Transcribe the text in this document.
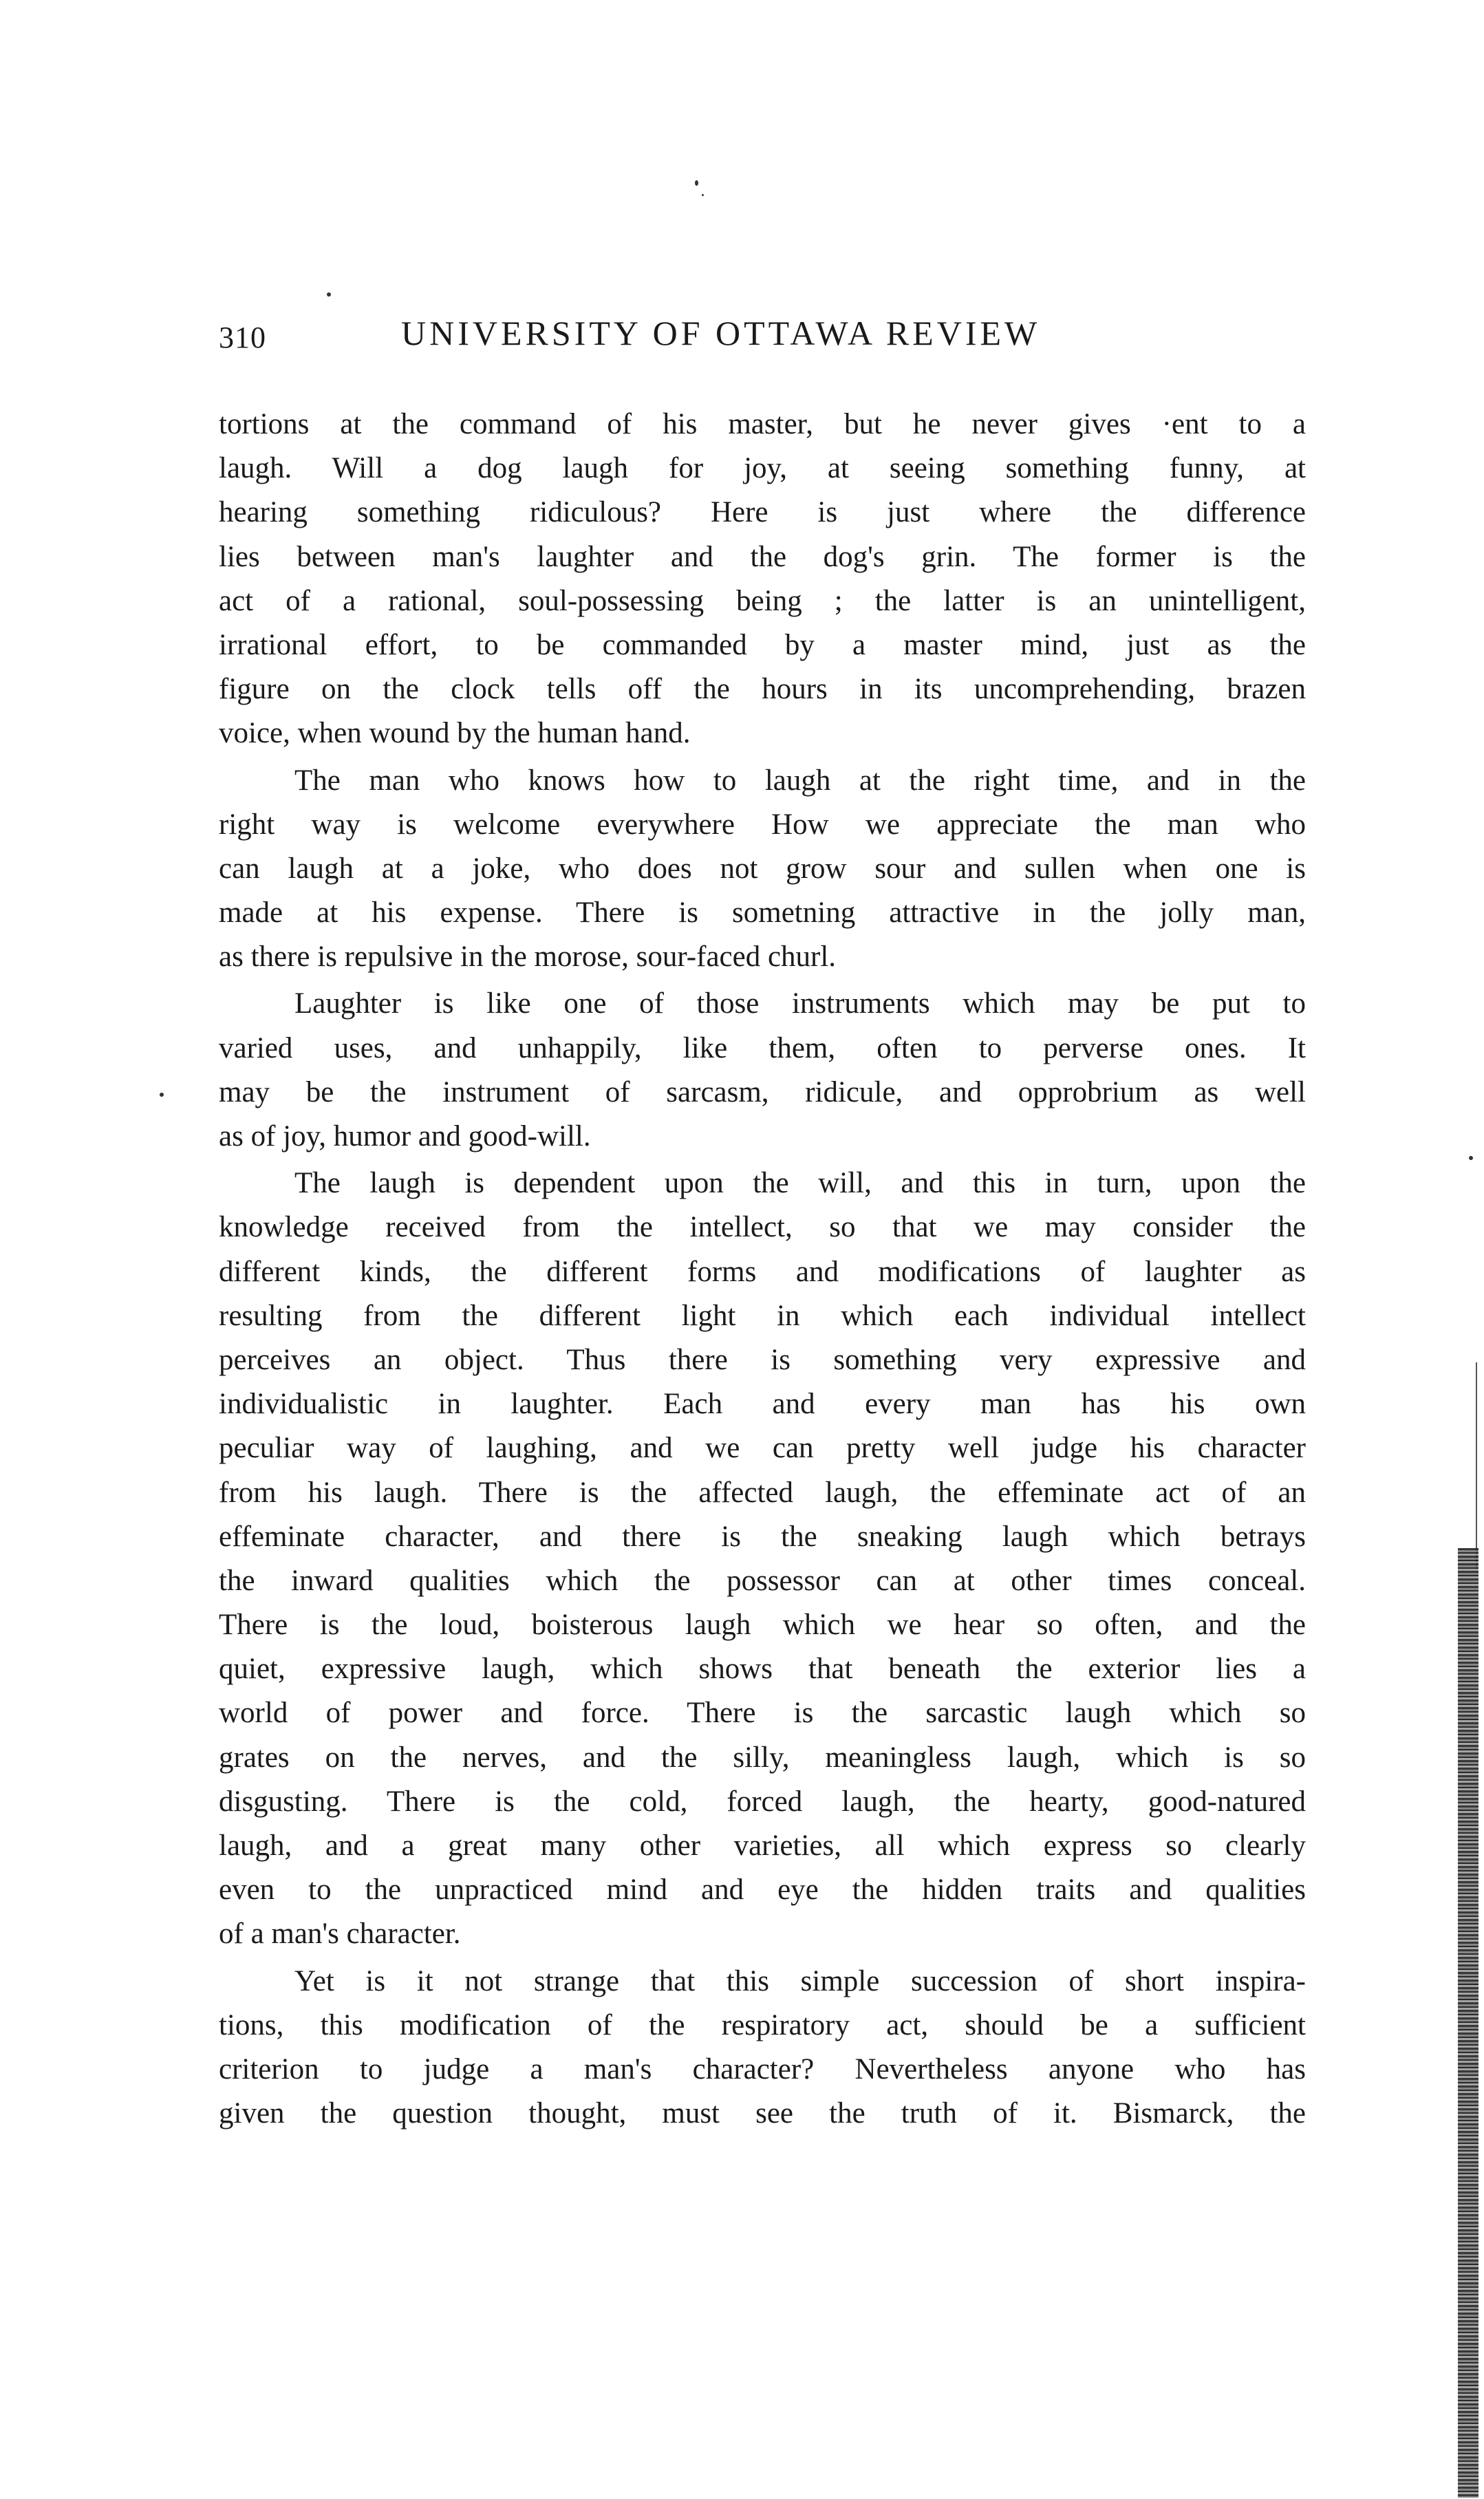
310	UNIVERSITY OF OTTAWA REVIEW
tortions at the command of his master, but he never gives ·ent to a
laugh. Will a dog laugh for joy, at seeing something funny, at
hearing something ridiculous? Here is just where the difference
lies between man's laughter and the dog's grin. The former is the
act of a rational, soul-possessing being ; the latter is an unintelligent,
irrational effort, to be commanded by a master mind, just as the
figure on the clock tells off the hours in its uncomprehending, brazen
voice, when wound by the human hand.
The man who knows how to laugh at the right time, and in the
right way is welcome everywhere How we appreciate the man who
can laugh at a joke, who does not grow sour and sullen when one is
made at his expense. There is sometning attractive in the jolly man,
as there is repulsive in the morose, sour-faced churl.
Laughter is like one of those instruments which may be put to
varied uses, and unhappily, like them, often to perverse ones. It
may be the instrument of sarcasm, ridicule, and opprobrium as well
as of joy, humor and good-will.
The laugh is dependent upon the will, and this in turn, upon the
knowledge received from the intellect, so that we may consider the
different kinds, the different forms and modifications of laughter as
resulting from the different light in which each individual intellect
perceives an object. Thus there is something very expressive and
individualistic in laughter. Each and every man has his own
peculiar way of laughing, and we can pretty well judge his character
from his laugh. There is the affected laugh, the effeminate act of an
effeminate character, and there is the sneaking laugh which betrays
the inward qualities which the possessor can at other times conceal.
There is the loud, boisterous laugh which we hear so often, and the
quiet, expressive laugh, which shows that beneath the exterior lies a
world of power and force. There is the sarcastic laugh which so
grates on the nerves, and the silly, meaningless laugh, which is so
disgusting. There is the cold, forced laugh, the hearty, good-natured
laugh, and a great many other varieties, all which express so clearly
even to the unpracticed mind and eye the hidden traits and qualities
of a man's character.
Yet is it not strange that this simple succession of short inspira-
tions, this modification of the respiratory act, should be a sufficient
criterion to judge a man's character? Nevertheless anyone who has
given the question thought, must see the truth of it. Bismarck, the
